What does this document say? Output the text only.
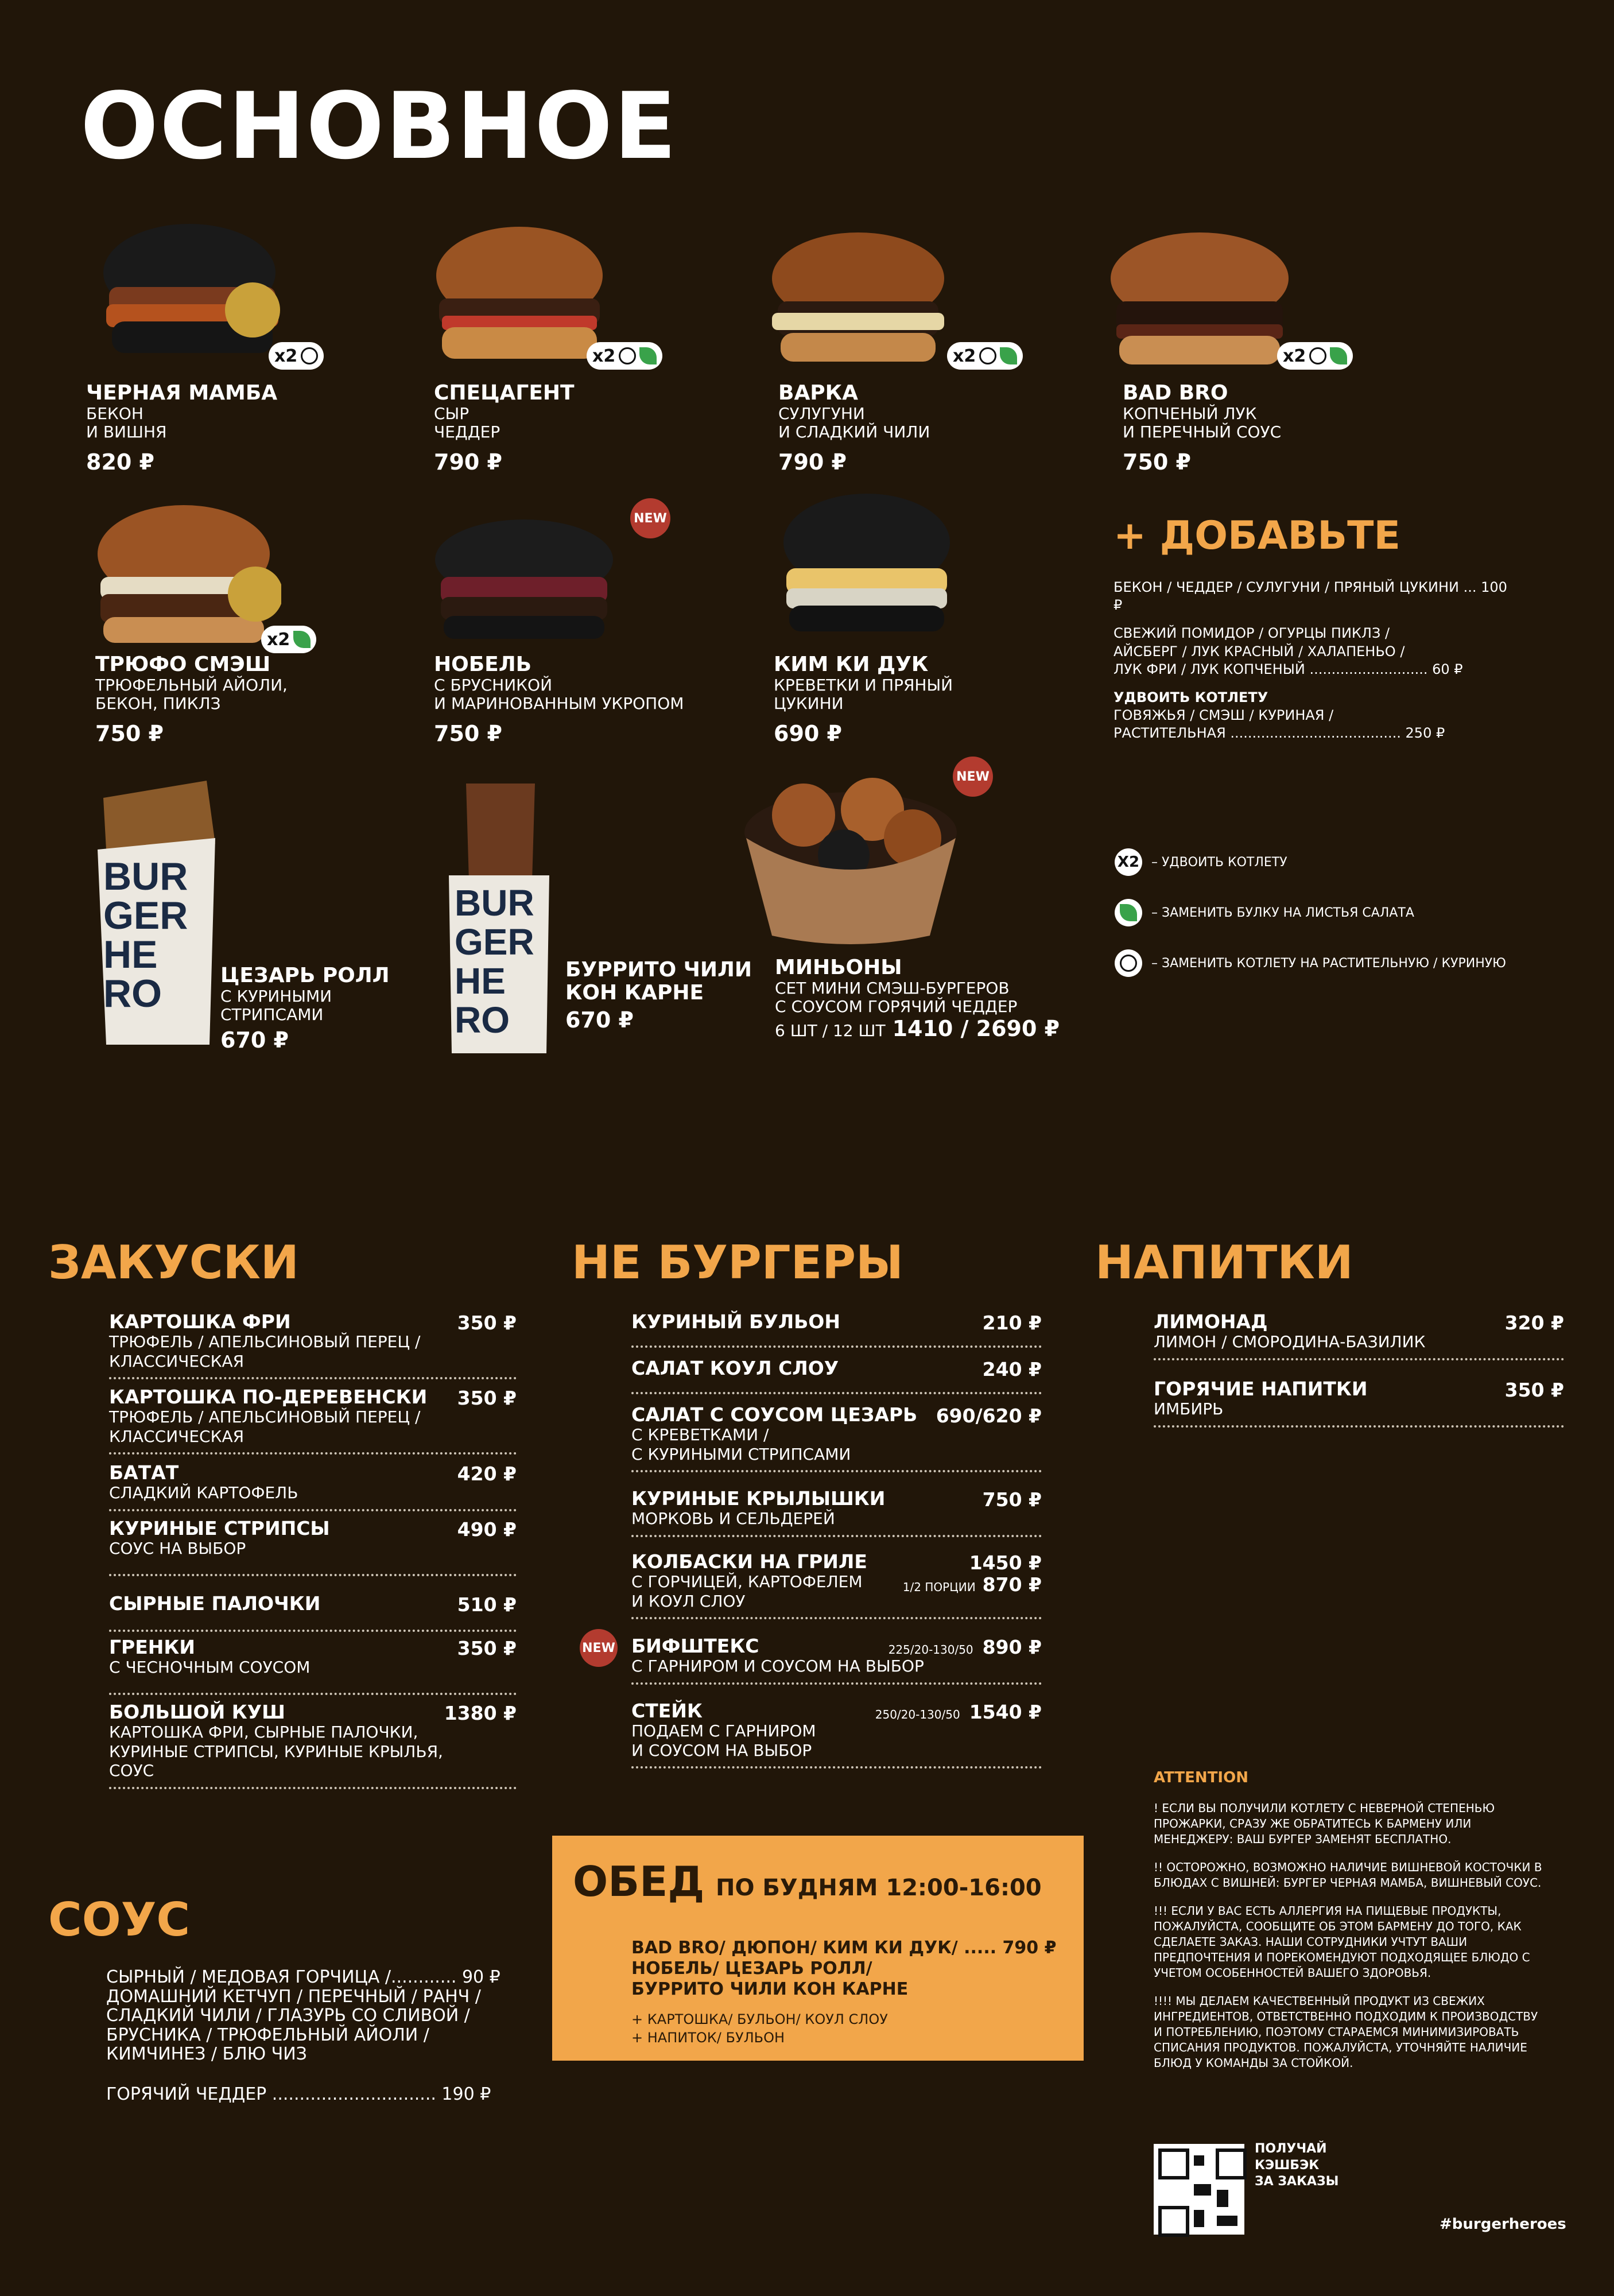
ОСНОВНОЕ
x2
ЧЕРНАЯ МАМБА
БЕКОН
И ВИШНЯ
820 ₽
x2
СПЕЦАГЕНТ
СЫР
ЧЕДДЕР
790 ₽
x2
ВАРКА
СУЛУГУНИ
И СЛАДКИЙ ЧИЛИ
790 ₽
x2
BAD BRO
КОПЧЕНЫЙ ЛУК
И ПЕРЕЧНЫЙ СОУС
750 ₽
x2
ТРЮФО СМЭШ
ТРЮФЕЛЬНЫЙ АЙОЛИ,
БЕКОН, ПИКЛЗ
750 ₽
NEW
НОБЕЛЬ
С БРУСНИКОЙ
И МАРИНОВАННЫМ УКРОПОМ
750 ₽
КИМ КИ ДУК
КРЕВЕТКИ И ПРЯНЫЙ
ЦУКИНИ
690 ₽
+ ДОБАВЬТЕ
БЕКОН / ЧЕДДЕР / СУЛУГУНИ / ПРЯНЫЙ ЦУКИНИ ... 100 ₽
СВЕЖИЙ ПОМИДОР / ОГУРЦЫ ПИКЛЗ /
АЙСБЕРГ / ЛУК КРАСНЫЙ / ХАЛАПЕНЬО /
ЛУК ФРИ / ЛУК КОПЧЕНЫЙ ........................... 60 ₽
УДВОИТЬ КОТЛЕТУ
ГОВЯЖЬЯ / СМЭШ / КУРИНАЯ /
РАСТИТЕЛЬНАЯ ....................................... 250 ₽
BUR
GER
HE
RO	ЦЕЗАРЬ РОЛЛ
С КУРИНЫМИ СТРИПСАМИ
670 ₽
BUR
GER
HE
RO
БУРРИТО ЧИЛИ
КОН КАРНЕ
670 ₽
NEW
МИНЬОНЫ
СЕТ МИНИ СМЭШ-БУРГЕРОВ
С СОУСОМ ГОРЯЧИЙ ЧЕДДЕР
6 ШТ / 12 ШТ 1410 / 2690 ₽
X2 – УДВОИТЬ КОТЛЕТУ
– ЗАМЕНИТЬ БУЛКУ НА ЛИСТЬЯ САЛАТА
– ЗАМЕНИТЬ КОТЛЕТУ НА РАСТИТЕЛЬНУЮ / КУРИНУЮ
ЗАКУСКИ	НЕ БУРГЕРЫ	НАПИТКИ
КАРТОШКА ФРИ
ТРЮФЕЛЬ / АПЕЛЬСИНОВЫЙ ПЕРЕЦ /
КЛАССИЧЕСКАЯ
350 ₽
КАРТОШКА ПО-ДЕРЕВЕНСКИ
ТРЮФЕЛЬ / АПЕЛЬСИНОВЫЙ ПЕРЕЦ /
КЛАССИЧЕСКАЯ
350 ₽
БАТАТ
СЛАДКИЙ КАРТОФЕЛЬ
420 ₽
КУРИНЫЕ СТРИПСЫ
СОУС НА ВЫБОР
490 ₽
СЫРНЫЕ ПАЛОЧКИ	510 ₽
ГРЕНКИ
С ЧЕСНОЧНЫМ СОУСОМ
350 ₽
БОЛЬШОЙ КУШ
КАРТОШКА ФРИ, СЫРНЫЕ ПАЛОЧКИ,
КУРИНЫЕ СТРИПСЫ, КУРИНЫЕ КРЫЛЬЯ,
СОУС
1380 ₽
КУРИНЫЙ БУЛЬОН	210 ₽
САЛАТ КОУЛ СЛОУ	240 ₽
САЛАТ С СОУСОМ ЦЕЗАРЬ
С КРЕВЕТКАМИ /
С КУРИНЫМИ СТРИПСАМИ
690/620 ₽
КУРИНЫЕ КРЫЛЫШКИ
МОРКОВЬ И СЕЛЬДЕРЕЙ
750 ₽
КОЛБАСКИ НА ГРИЛЕ
С ГОРЧИЦЕЙ, КАРТОФЕЛЕМ
И КОУЛ СЛОУ
1450 ₽
1/2 ПОРЦИИ 870 ₽
NEW БИФШТЕКС
С ГАРНИРОМ И СОУСОМ НА ВЫБОР
225/20-130/50 890 ₽
СТЕЙК
ПОДАЕМ С ГАРНИРОМ
И СОУСОМ НА ВЫБОР
250/20-130/50 1540 ₽
ЛИМОНАД
ЛИМОН / СМОРОДИНА-БАЗИЛИК
320 ₽
ГОРЯЧИЕ НАПИТКИ
ИМБИРЬ
350 ₽
СОУС
СЫРНЫЙ / МЕДОВАЯ ГОРЧИЦА /............ 90 ₽
ДОМАШНИЙ КЕТЧУП / ПЕРЕЧНЫЙ / РАНЧ /
СЛАДКИЙ ЧИЛИ / ГЛАЗУРЬ СО СЛИВОЙ /
БРУСНИКА / ТРЮФЕЛЬНЫЙ АЙОЛИ /
КИМЧИНЕЗ / БЛЮ ЧИЗ
ГОРЯЧИЙ ЧЕДДЕР .............................. 190 ₽
ОБЕД ПО БУДНЯМ 12:00-16:00
BAD BRO/ ДЮПОН/ КИМ КИ ДУК/ ..... 790 ₽
НОБЕЛЬ/ ЦЕЗАРЬ РОЛЛ/
БУРРИТО ЧИЛИ КОН КАРНЕ
+ КАРТОШКА/ БУЛЬОН/ КОУЛ СЛОУ
+ НАПИТОК/ БУЛЬОН
ATTENTION

! ЕСЛИ ВЫ ПОЛУЧИЛИ КОТЛЕТУ С НЕВЕРНОЙ СТЕПЕНЬЮ ПРОЖАРКИ, СРАЗУ ЖЕ ОБРАТИТЕСЬ К БАРМЕНУ ИЛИ МЕНЕДЖЕРУ: ВАШ БУРГЕР ЗАМЕНЯТ БЕСПЛАТНО.

!! ОСТОРОЖНО, ВОЗМОЖНО НАЛИЧИЕ ВИШНЕВОЙ КОСТОЧКИ В БЛЮДАХ С ВИШНЕЙ: БУРГЕР ЧЕРНАЯ МАМБА, ВИШНЕВЫЙ СОУС.

!!! ЕСЛИ У ВАС ЕСТЬ АЛЛЕРГИЯ НА ПИЩЕВЫЕ ПРОДУКТЫ, ПОЖАЛУЙСТА, СООБЩИТЕ ОБ ЭТОМ БАРМЕНУ ДО ТОГО, КАК СДЕЛАЕТЕ ЗАКАЗ. НАШИ СОТРУДНИКИ УЧТУТ ВАШИ ПРЕДПОЧТЕНИЯ И ПОРЕКОМЕНДУЮТ ПОДХОДЯЩЕЕ БЛЮДО С УЧЕТОМ ОСОБЕННОСТЕЙ ВАШЕГО ЗДОРОВЬЯ.

!!!! МЫ ДЕЛАЕМ КАЧЕСТВЕННЫЙ ПРОДУКТ ИЗ СВЕЖИХ ИНГРЕДИЕНТОВ, ОТВЕТСТВЕННО ПОДХОДИМ К ПРОИЗВОДСТВУ И ПОТРЕБЛЕНИЮ, ПОЭТОМУ СТАРАЕМСЯ МИНИМИЗИРОВАТЬ СПИСАНИЯ ПРОДУКТОВ. ПОЖАЛУЙСТА, УТОЧНЯЙТЕ НАЛИЧИЕ БЛЮД У КОМАНДЫ ЗА СТОЙКОЙ.

ПОЛУЧАЙ
КЭШБЭК
ЗА ЗАКАЗЫ
#burgerheroes
